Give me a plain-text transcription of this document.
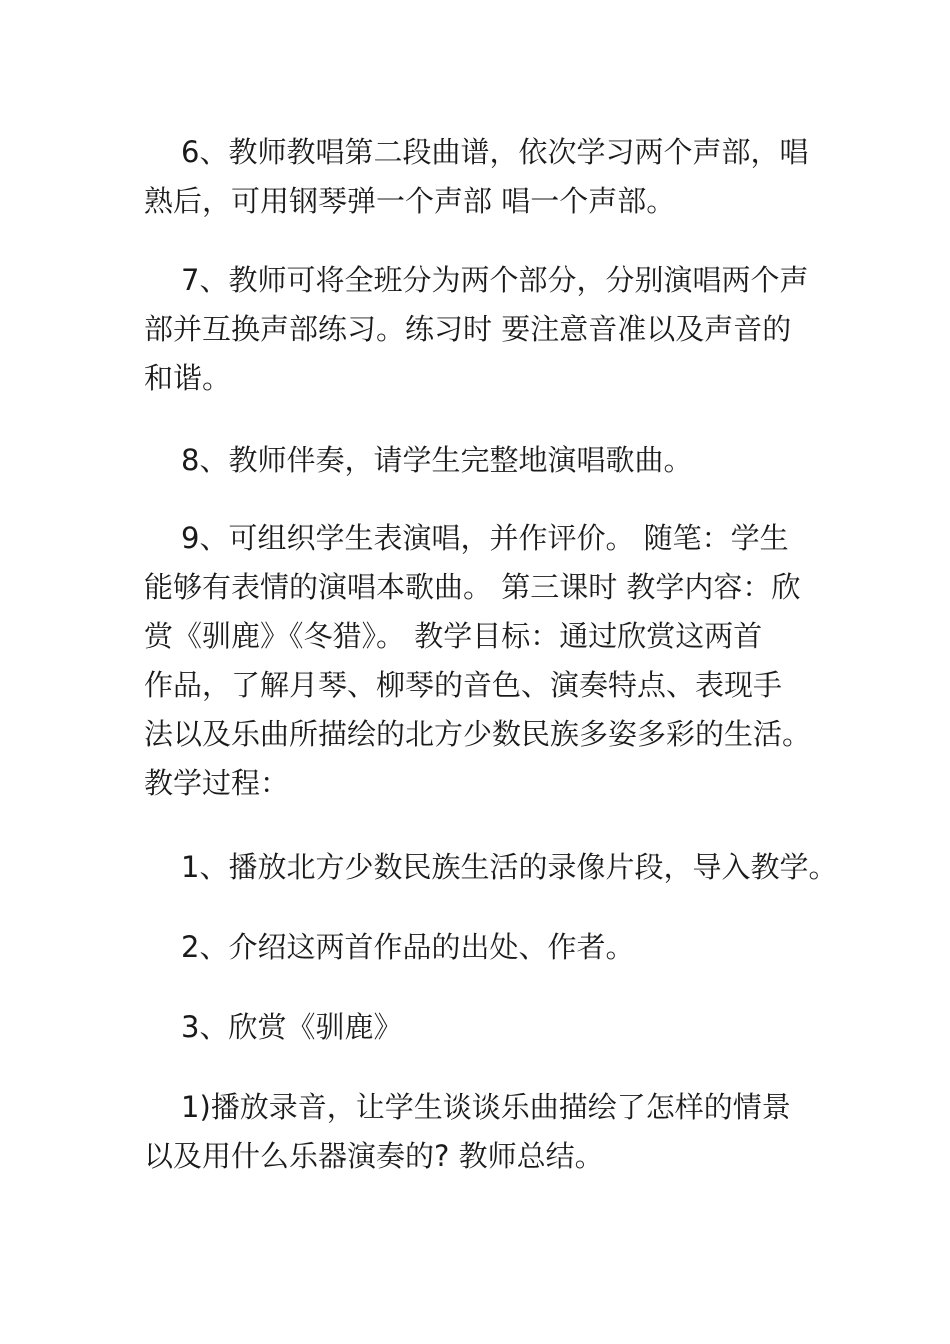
6、教师教唱第二段曲谱，依次学习两个声部，唱
熟后，可用钢琴弹一个声部 唱一个声部。

7、教师可将全班分为两个部分，分别演唱两个声
部并互换声部练习。练习时 要注意音准以及声音的
和谐。

8、教师伴奏，请学生完整地演唱歌曲。

9、可组织学生表演唱，并作评价。 随笔：学生
能够有表情的演唱本歌曲。 第三课时 教学内容：欣
赏《驯鹿》《冬猎》。 教学目标：通过欣赏这两首
作品，了解月琴、柳琴的音色、演奏特点、表现手
法以及乐曲所描绘的北方少数民族多姿多彩的生活。
教学过程：

1、播放北方少数民族生活的录像片段，导入教学。

2、介绍这两首作品的出处、作者。

3、欣赏《驯鹿》

1)播放录音，让学生谈谈乐曲描绘了怎样的情景
以及用什么乐器演奏的? 教师总结。
